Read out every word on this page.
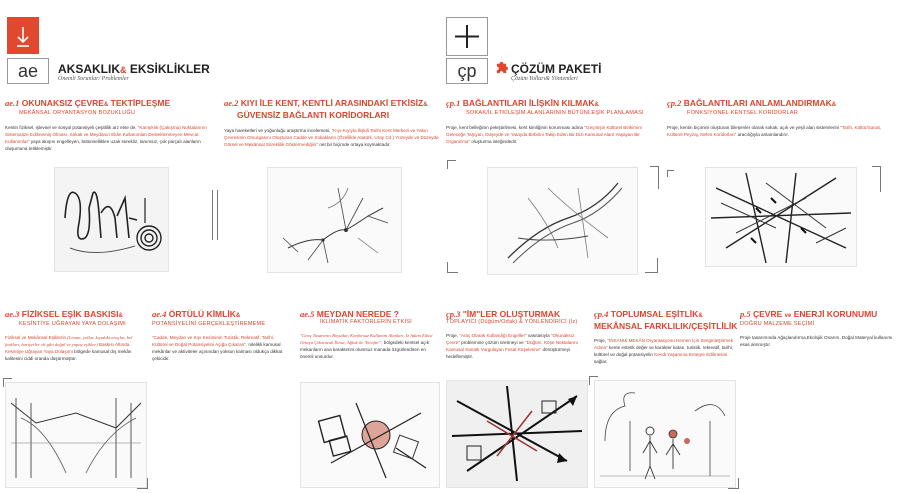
ae	AKSAKLIK& EKSİKLİKLER
Önemli Sorunlar/ Problemler	çp	ÇÖZÜM PAKETİ
Çözüm Yolları& Yöntemleri
ae.1 OKUNAKSIZ ÇEVRE& TEKTİPLEŞME
MEKÂNSAL ORYANTASYON BOZUKLUĞU
Kentin fiziksel, işlevsel ve sosyal potansiyeli çeşitlilik arz etse de, "Karışıklık (Çakışma) Noktalarının Sistematize Edilmemiş Olması, Sokak ve Meydanın Eldin Kullanımları Desteklenmeyen Mevcut Kullanımlar" yaya akışını engelleyen, bütünselliklen uzak sürekliz, tanımsız, çok parçalı alanların oluşumuna tetiklemiştir.
ae.2 KIYI İLE KENT, KENTLİ ARASINDAKİ ETKİSİZ&
GÜVENSİZ BAĞLANTI KORİDORLARI
Yaya hareketleri ve yoğunluğu araştırma incelemesi, "Kıyı-Kıyıyla İlişkili Tarihi Kent Merkezi ve Yakın Çevresinin Omurgasını Oluşturan Cadde ve Sokakların (Özellikle Atatürk, Uray Cd.) Yüzeyde ve Düzeyde Görsel ve Mekânsal Süreklilik Göstermediğini" net bir biçimde ortaya koymaktadır.
çp.1 BAĞLANTILARI İLİŞKİN KILMAK&
SOKAK/İL ETKİLEŞİM ALANLARININ BÜTÜNLEŞİK PLANLAMASI
Proje, kent belleğinin pekiştirilmesi, kent kimliğinin korunması adına "Geçmişin Kültürel Birikimini Geleceğe Taşıyan, Düşeyde ve Yatayda Birbirini Takip Eden Bir Dizi Kamusal Alan/ Yaşayan Bir Organizma" oluşturma isteğindedir.
çp.2 BAĞLANTILARI ANLAMLANDIRMAK&
FONKSİYONEL KENTSEL KORİDORLAR
Proje, kentin biçimini oluşturan bileşenler olarak sokak, açık ve yeşil alan sistemlerini "Tarih, Kültür/Sanat, Kültürel Peyzaj, Nefes Koridorları" aracılığıyla anlamlandırır.
ae.3 FİZİKSEL EŞİK BASKISI&
KESİNTİYE UĞRAYAN YAYA DOLAŞIMI
Fiziksel ve Mekânsal Eşiklerin (Liman, yollar, kıyıdaki araçlar, bel farkları, bariyerler vb gibi doğal ve yapay eşikler) Baskısı Altında Kesintiye Uğrayan Yaya Dolaşımı bölgede kamusal dış mekân kalitesini ciddi oranda düşürmüştür.
ae.4 ÖRTÜLÜ KİMLİK&
POTANSİYELİNİ GERÇEKLEŞTİREMEME
"Cadde, Meydan ve Kıyı Kesiminin Turistik, Rekreatif, Tarihi, Kültürel ve Doğal Potansiyelini Açığa Çıkaran", nitelikli kamusal mekânlar ve aktiviteler açısından yoksun kalması oldukça dikkat çekicidir.
ae.5 MEYDAN NEREDE ?
İKLİMATİK FAKTÖRLERİN ETKİSİ
"Genç Tasarımcı Boyutlar, Konforsuz Kullanım Alanları, İz Adam Etkisi Ortaya Çıkaracak İlinse, Ağlak ile 'Etrafın'", bölgedeki kentsel açık mekanların ana karakterini olumsuz manada özgürlendiren en önemli unsurdur.
çp.3 "İM"LER OLUŞTURMAK
TOPLAYICI (Düğüm/Odak) & YÖNLENDİRİCİ (İz)
Proje, "Araç Olarak Kullandığı Engeller" vasıtasıyla "Okunaksız Çevre" problemine çözüm üretmeyi ve "Düğüm, Köşe Noktalarını Kamusal Sanatlı Vurgulayan Fesat Küşelerine" dönüştürmeyi hedeflemiştir.
çp.4 TOPLUMSAL EŞİTLİK&
MEKÂNSAL FARKLILIK/ÇEŞİTLİLİK
Proje, "İNSANI& MEKÂN Oryantasyonu Hemen İçin Zenginleştirmek Adına" kente estetik değer ve karakter katan, turistik, rekreatif, tarihi, kültürel ve doğal potansiyelin Kendi Yaşamına Entegre Edilmesini sağlar.
p.5 ÇEVRE ve ENERJİ KORUNUMU
DOĞRU MALZEME SEÇİMİ
Proje tasarımında Ağaçlandırma,Ekolojik Onarım, Doğal Materyal kullanımı esas alınmıştır.
